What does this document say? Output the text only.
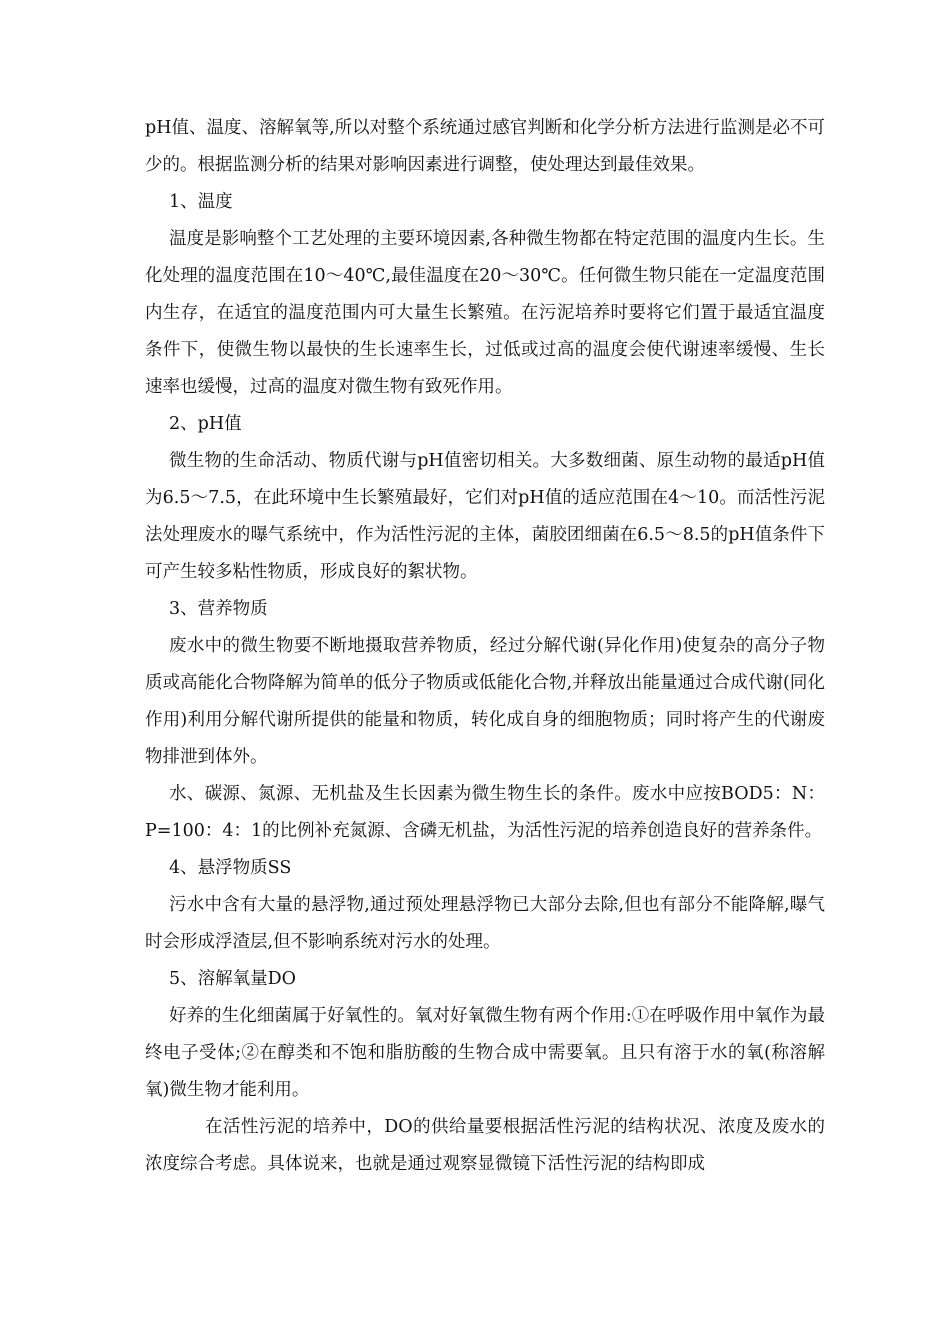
pH值、温度、溶解氧等,所以对整个系统通过感官判断和化学分析方法进行监测是必不可少的。根据监测分析的结果对影响因素进行调整，使处理达到最佳效果。

1、温度

温度是影响整个工艺处理的主要环境因素,各种微生物都在特定范围的温度内生长。生化处理的温度范围在10～40℃,最佳温度在20～30℃。任何微生物只能在一定温度范围内生存，在适宜的温度范围内可大量生长繁殖。在污泥培养时要将它们置于最适宜温度条件下，使微生物以最快的生长速率生长，过低或过高的温度会使代谢速率缓慢、生长速率也缓慢，过高的温度对微生物有致死作用。

2、pH值

微生物的生命活动、物质代谢与pH值密切相关。大多数细菌、原生动物的最适pH值为6.5～7.5，在此环境中生长繁殖最好，它们对pH值的适应范围在4～10。而活性污泥法处理废水的曝气系统中，作为活性污泥的主体，菌胶团细菌在6.5～8.5的pH值条件下可产生较多粘性物质，形成良好的絮状物。

3、营养物质

废水中的微生物要不断地摄取营养物质，经过分解代谢(异化作用)使复杂的高分子物质或高能化合物降解为简单的低分子物质或低能化合物,并释放出能量通过合成代谢(同化作用)利用分解代谢所提供的能量和物质，转化成自身的细胞物质；同时将产生的代谢废物排泄到体外。

水、碳源、氮源、无机盐及生长因素为微生物生长的条件。废水中应按BOD5：N：P=100：4：1的比例补充氮源、含磷无机盐，为活性污泥的培养创造良好的营养条件。

4、悬浮物质SS

污水中含有大量的悬浮物,通过预处理悬浮物已大部分去除,但也有部分不能降解,曝气时会形成浮渣层,但不影响系统对污水的处理。

5、溶解氧量DO

好养的生化细菌属于好氧性的。氧对好氧微生物有两个作用:①在呼吸作用中氧作为最终电子受体;②在醇类和不饱和脂肪酸的生物合成中需要氧。且只有溶于水的氧(称溶解氧)微生物才能利用。

在活性污泥的培养中，DO的供给量要根据活性污泥的结构状况、浓度及废水的浓度综合考虑。具体说来，也就是通过观察显微镜下活性污泥的结构即成
